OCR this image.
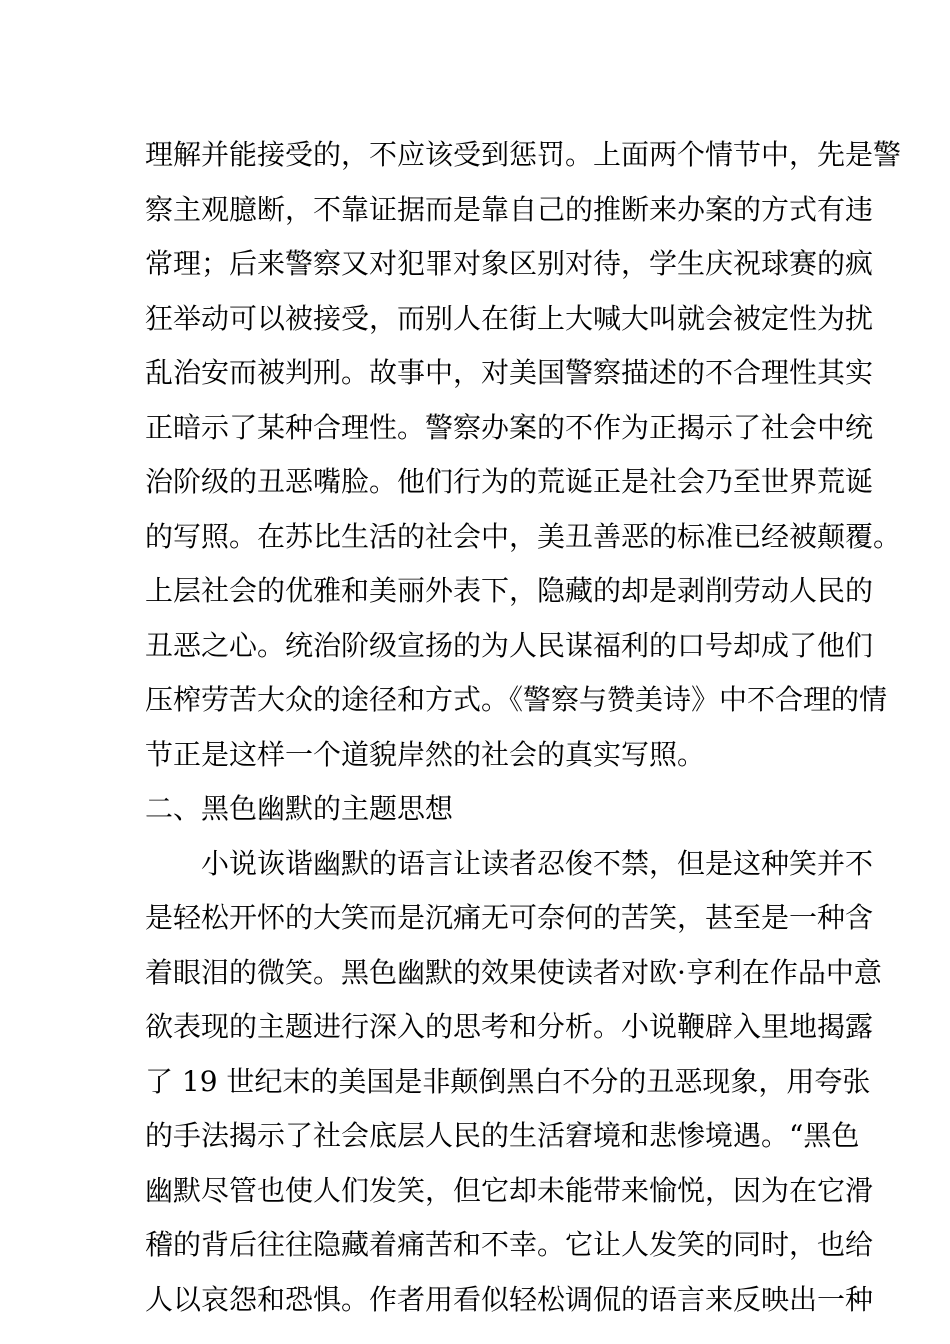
理解并能接受的，不应该受到惩罚。上面两个情节中，先是警
察主观臆断，不靠证据而是靠自己的推断来办案的方式有违
常理；后来警察又对犯罪对象区别对待，学生庆祝球赛的疯
狂举动可以被接受，而别人在街上大喊大叫就会被定性为扰
乱治安而被判刑。故事中，对美国警察描述的不合理性其实
正暗示了某种合理性。警察办案的不作为正揭示了社会中统
治阶级的丑恶嘴脸。他们行为的荒诞正是社会乃至世界荒诞
的写照。在苏比生活的社会中，美丑善恶的标准已经被颠覆。
上层社会的优雅和美丽外表下，隐藏的却是剥削劳动人民的
丑恶之心。统治阶级宣扬的为人民谋福利的口号却成了他们
压榨劳苦大众的途径和方式。《警察与赞美诗》中不合理的情
节正是这样一个道貌岸然的社会的真实写照。
二、黑色幽默的主题思想
小说诙谐幽默的语言让读者忍俊不禁，但是这种笑并不
是轻松开怀的大笑而是沉痛无可奈何的苦笑，甚至是一种含
着眼泪的微笑。黑色幽默的效果使读者对欧·亨利在作品中意
欲表现的主题进行深入的思考和分析。小说鞭辟入里地揭露
了 19 世纪末的美国是非颠倒黑白不分的丑恶现象，用夸张
的手法揭示了社会底层人民的生活窘境和悲惨境遇。“黑色
幽默尽管也使人们发笑，但它却未能带来愉悦，因为在它滑
稽的背后往往隐藏着痛苦和不幸。它让人发笑的同时，也给
人以哀怨和恐惧。作者用看似轻松调侃的语言来反映出一种
